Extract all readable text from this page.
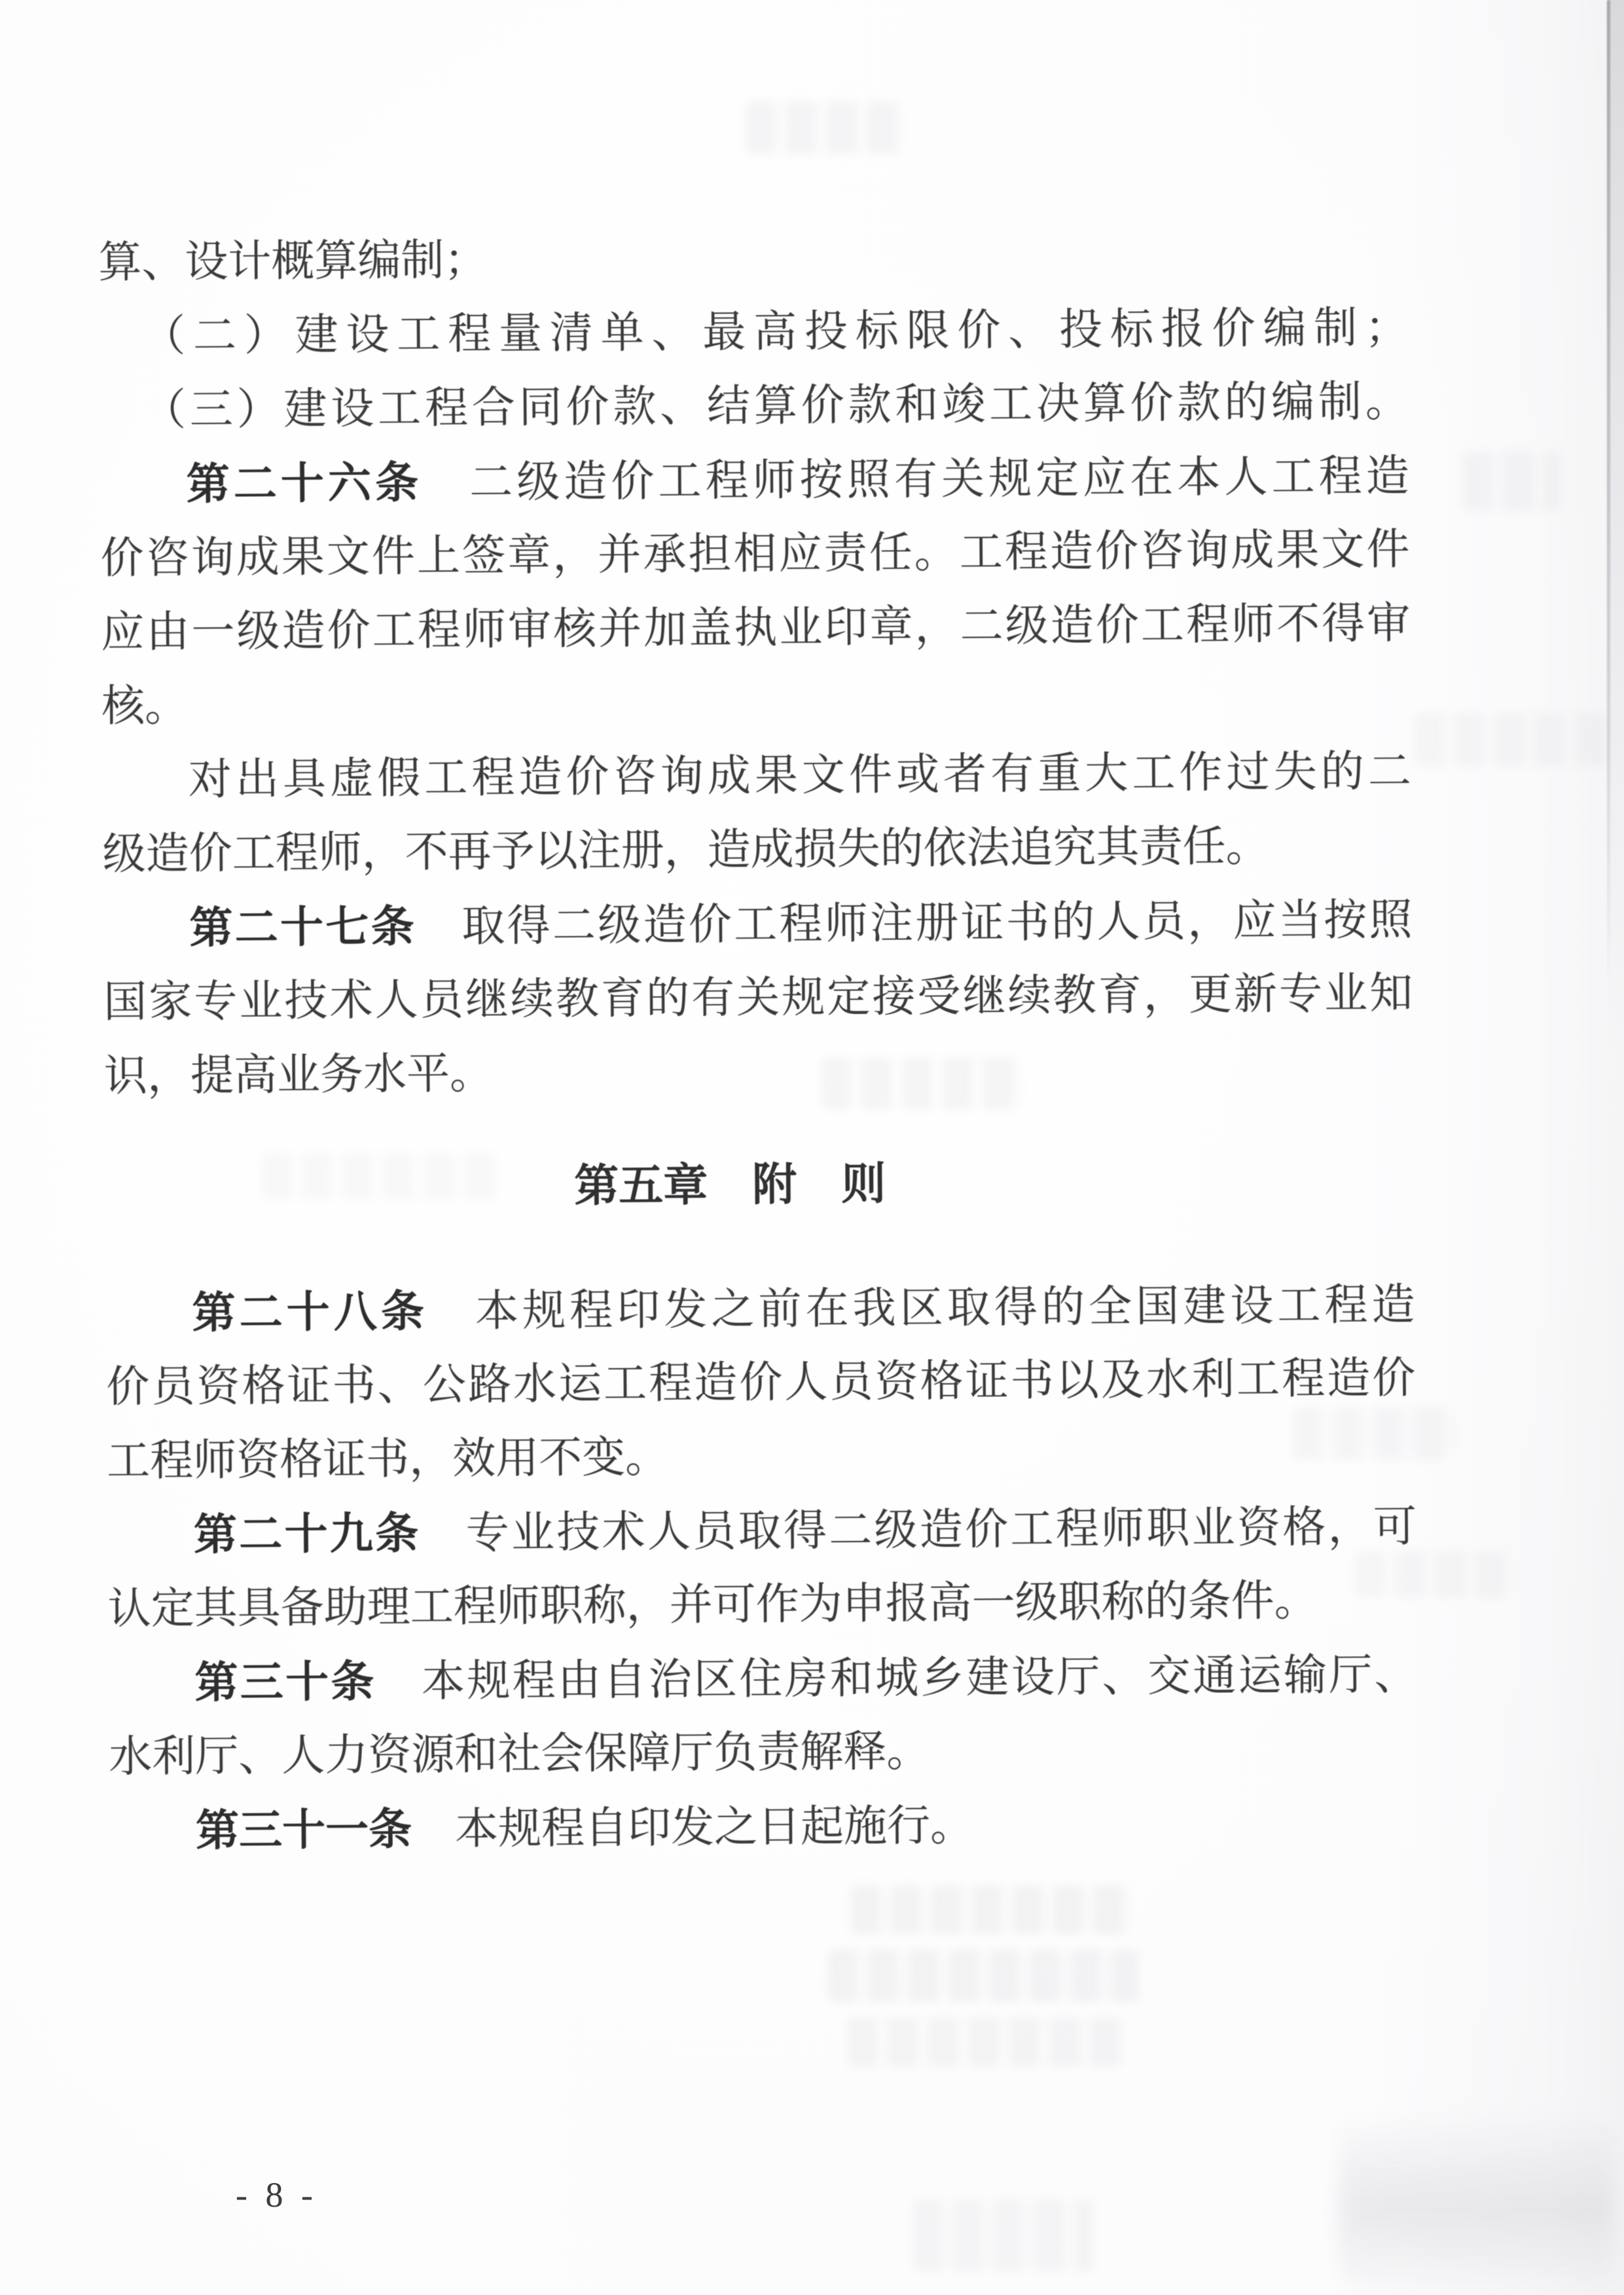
算、设计概算编制；
（二）建设工程量清单、最高投标限价、投标报价编制；
（三）建设工程合同价款、结算价款和竣工决算价款的编制。
第二十六条　二级造价工程师按照有关规定应在本人工程造
价咨询成果文件上签章，并承担相应责任。工程造价咨询成果文件
应由一级造价工程师审核并加盖执业印章，二级造价工程师不得审
核。
对出具虚假工程造价咨询成果文件或者有重大工作过失的二
级造价工程师，不再予以注册，造成损失的依法追究其责任。
第二十七条　取得二级造价工程师注册证书的人员，应当按照
国家专业技术人员继续教育的有关规定接受继续教育，更新专业知
识，提高业务水平。
第五章　附　则
第二十八条　本规程印发之前在我区取得的全国建设工程造
价员资格证书、公路水运工程造价人员资格证书以及水利工程造价
工程师资格证书，效用不变。
第二十九条　专业技术人员取得二级造价工程师职业资格，可
认定其具备助理工程师职称，并可作为申报高一级职称的条件。
第三十条　本规程由自治区住房和城乡建设厅、交通运输厅、
水利厅、人力资源和社会保障厅负责解释。
第三十一条　本规程自印发之日起施行。
- 8 -
